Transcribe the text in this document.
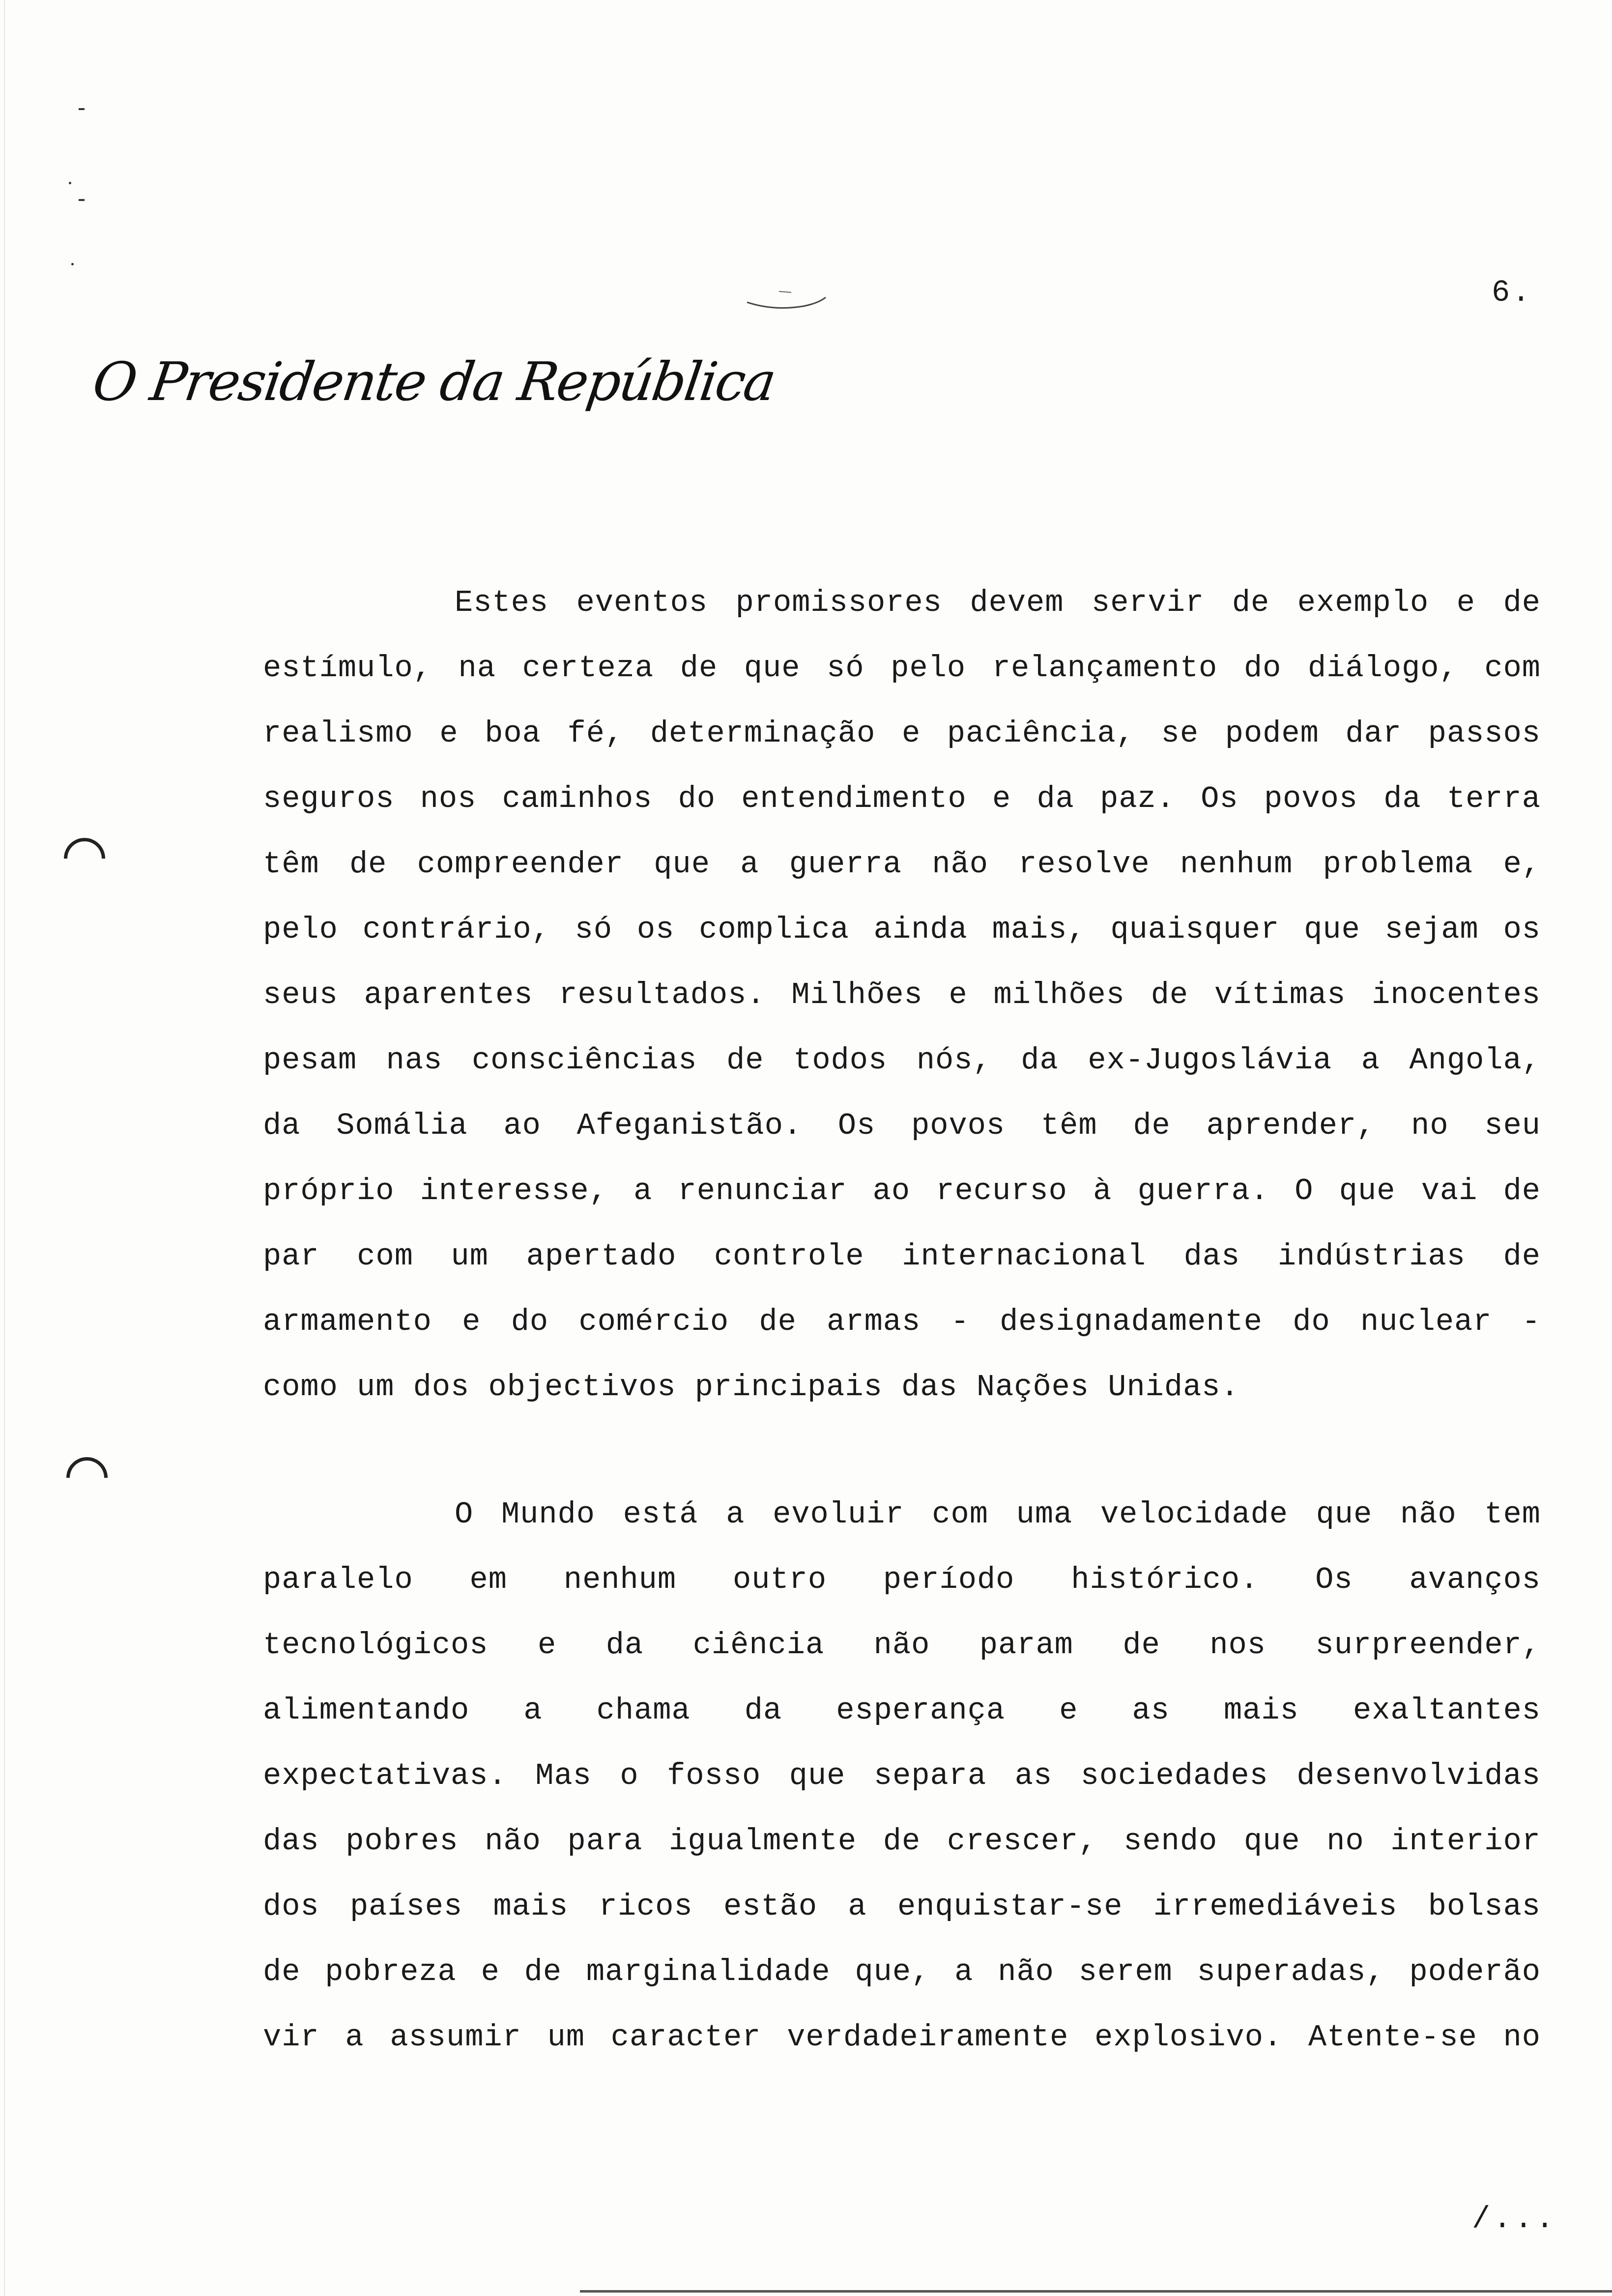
6.
O Presidente da República
Estes eventos promissores devem servir de exemplo e de
estímulo, na certeza de que só pelo relançamento do diálogo, com
realismo e boa fé, determinação e paciência, se podem dar passos
seguros nos caminhos do entendimento e da paz. Os povos da terra
têm de compreender que a guerra não resolve nenhum problema e,
pelo contrário, só os complica ainda mais, quaisquer que sejam os
seus aparentes resultados. Milhões e milhões de vítimas inocentes
pesam nas consciências de todos nós, da ex-Jugoslávia a Angola,
da Somália ao Afeganistão. Os povos têm de aprender, no seu
próprio interesse, a renunciar ao recurso à guerra. O que vai de
par com um apertado controle internacional das indústrias de
armamento e do comércio de armas - designadamente do nuclear -
como um dos objectivos principais das Nações Unidas.
O Mundo está a evoluir com uma velocidade que não tem
paralelo em nenhum outro período histórico. Os avanços
tecnológicos e da ciência não param de nos surpreender,
alimentando a chama da esperança e as mais exaltantes
expectativas. Mas o fosso que separa as sociedades desenvolvidas
das pobres não para igualmente de crescer, sendo que no interior
dos países mais ricos estão a enquistar-se irremediáveis bolsas
de pobreza e de marginalidade que, a não serem superadas, poderão
vir a assumir um caracter verdadeiramente explosivo. Atente-se no
/...
